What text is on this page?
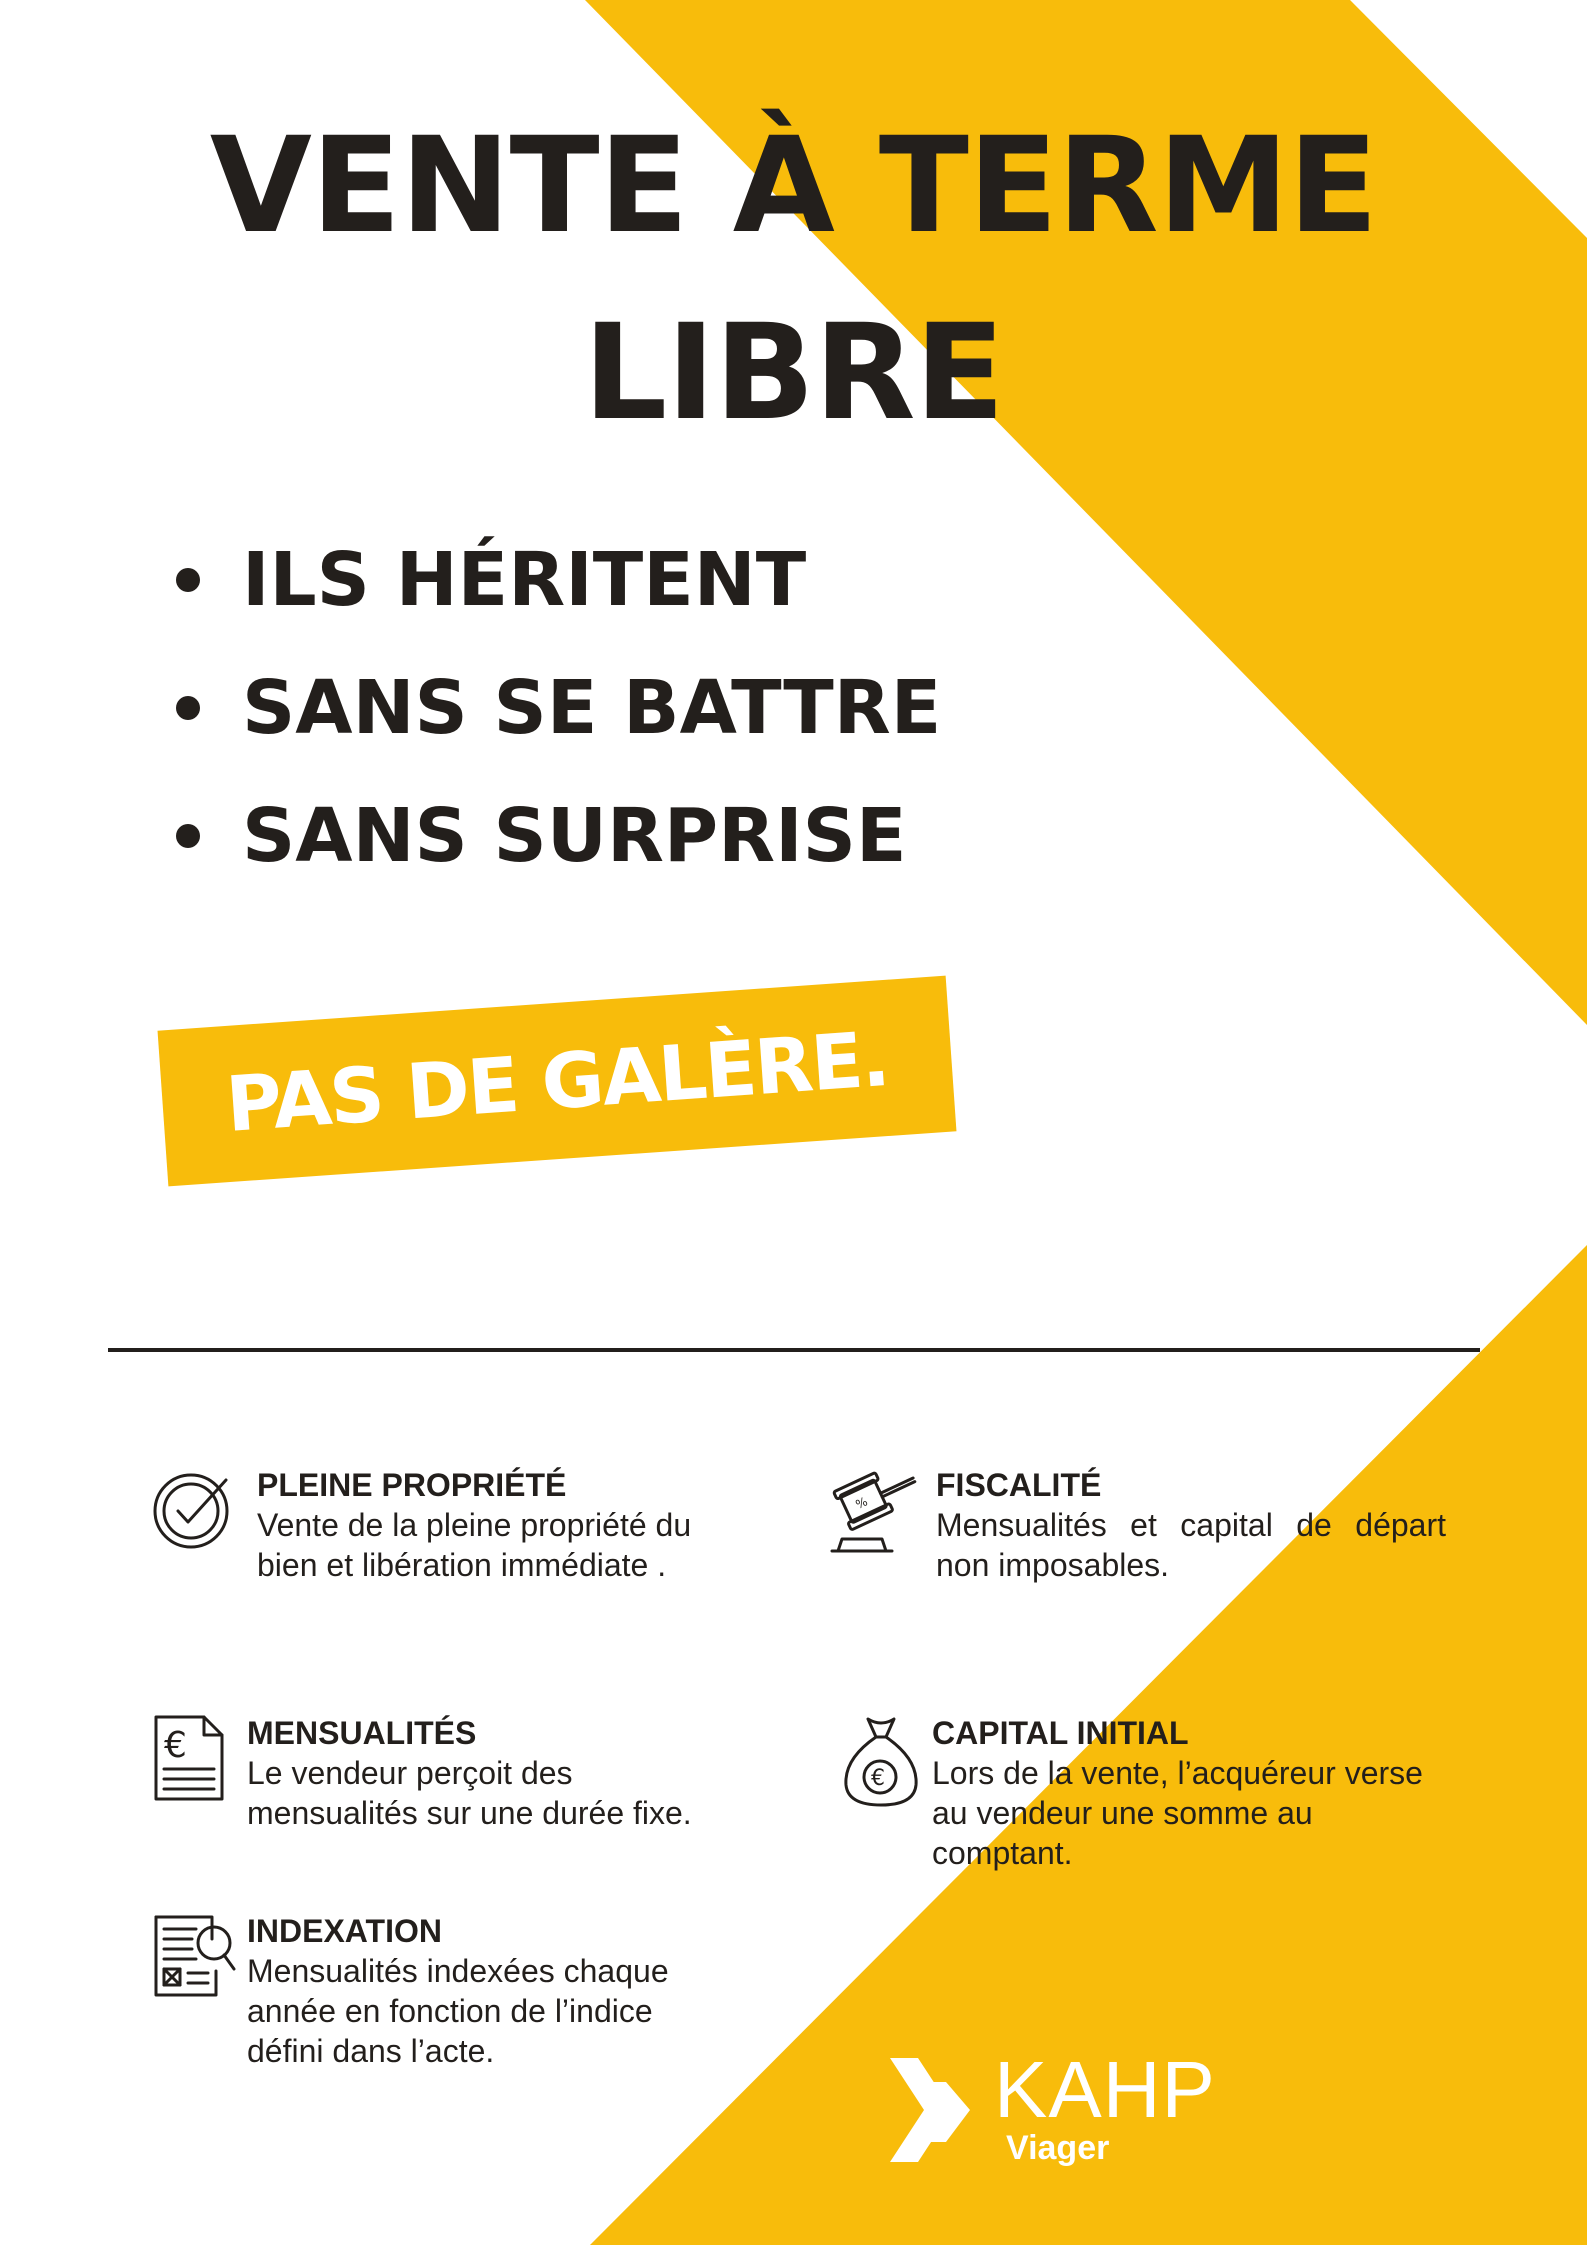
VENTE À TERME
LIBRE
ILS HÉRITENT
SANS SE BATTRE
SANS SURPRISE
PAS DE GALÈRE.

PLEINE PROPRIÉTÉ

Vente de la pleine propriété du bien et libération immédiate .

%

FISCALITÉ

Mensualités et capital de départ non imposables.

€ MENSUALITÉS

Le vendeur perçoit des mensualités sur une durée fixe.

€

CAPITAL INITIAL

Lors de la vente, l’acquéreur verse au vendeur une somme au comptant.

INDEXATION

Mensualités indexées chaque année en fonction de l’indice défini dans l’acte.	KAHP
Viager
